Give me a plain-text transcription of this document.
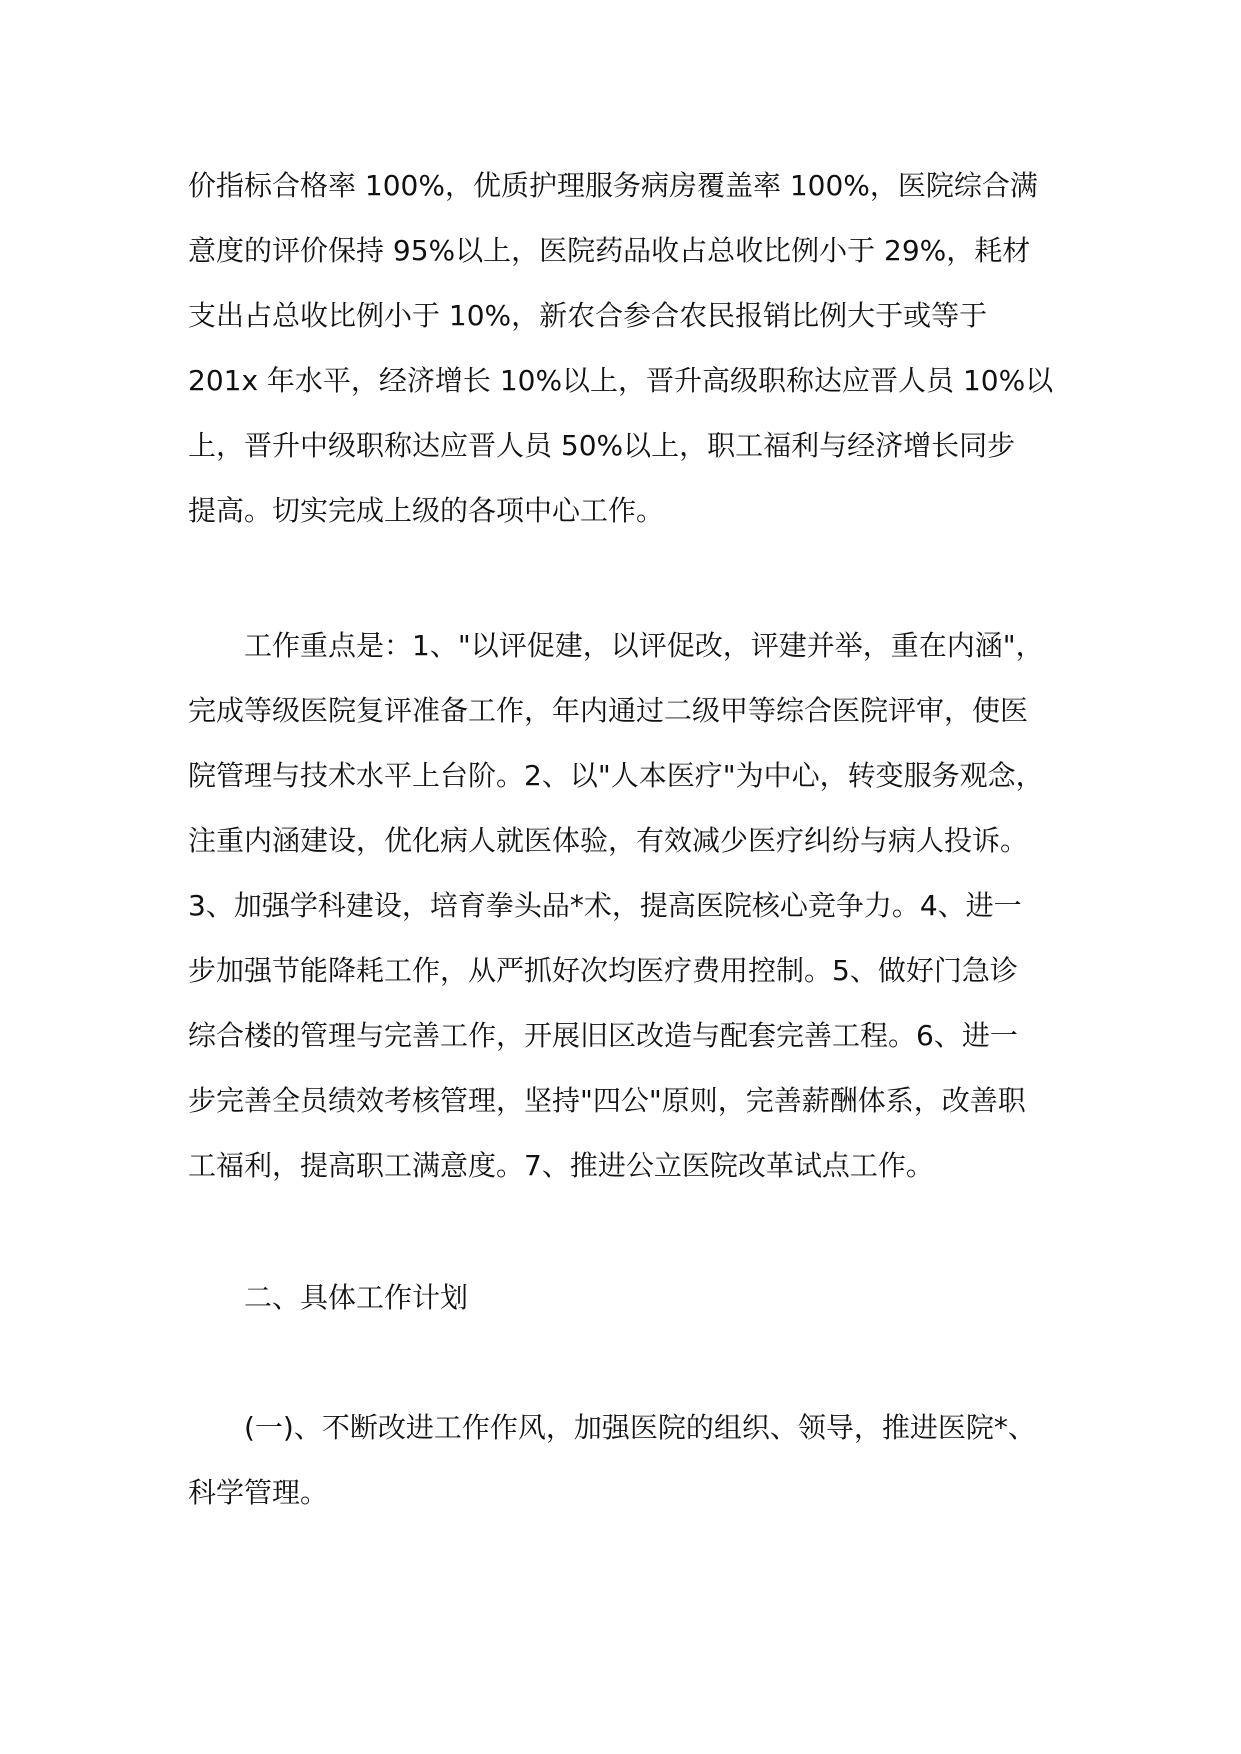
价指标合格率 100%，优质护理服务病房覆盖率 100%，医院综合满
意度的评价保持 95%以上，医院药品收占总收比例小于 29%，耗材
支出占总收比例小于 10%，新农合参合农民报销比例大于或等于
201x 年水平，经济增长 10%以上，晋升高级职称达应晋人员 10%以
上，晋升中级职称达应晋人员 50%以上，职工福利与经济增长同步
提高。切实完成上级的各项中心工作。
工作重点是：1、"以评促建，以评促改，评建并举，重在内涵"，
完成等级医院复评准备工作，年内通过二级甲等综合医院评审，使医
院管理与技术水平上台阶。2、以"人本医疗"为中心，转变服务观念，
注重内涵建设，优化病人就医体验，有效减少医疗纠纷与病人投诉。
3、加强学科建设，培育拳头品*术，提高医院核心竞争力。4、进一
步加强节能降耗工作，从严抓好次均医疗费用控制。5、做好门急诊
综合楼的管理与完善工作，开展旧区改造与配套完善工程。6、进一
步完善全员绩效考核管理，坚持"四公"原则，完善薪酬体系，改善职
工福利，提高职工满意度。7、推进公立医院改革试点工作。
二、具体工作计划
(一)、不断改进工作作风，加强医院的组织、领导，推进医院*、
科学管理。
